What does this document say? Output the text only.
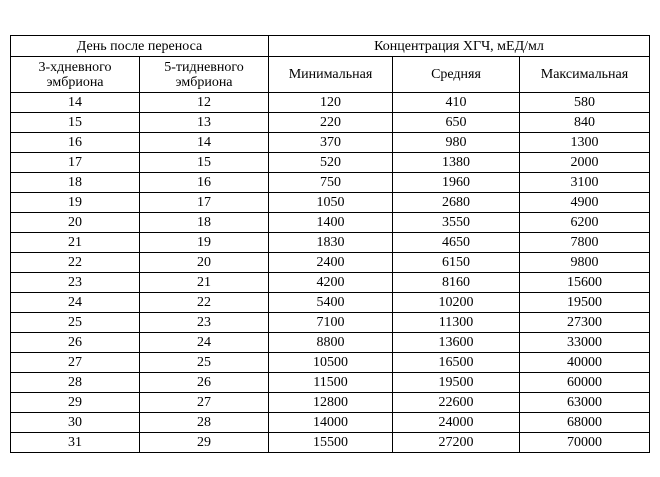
День после переноса		Концентрация ХГЧ, мЕД/мл		
3-хдневного эмбриона	5-тидневного эмбриона	Минимальная	Средняя	Максимальная
14	12	120	410	580
15	13	220	650	840
16	14	370	980	1300
17	15	520	1380	2000
18	16	750	1960	3100
19	17	1050	2680	4900
20	18	1400	3550	6200
21	19	1830	4650	7800
22	20	2400	6150	9800
23	21	4200	8160	15600
24	22	5400	10200	19500
25	23	7100	11300	27300
26	24	8800	13600	33000
27	25	10500	16500	40000
28	26	11500	19500	60000
29	27	12800	22600	63000
30	28	14000	24000	68000
31	29	15500	27200	70000
